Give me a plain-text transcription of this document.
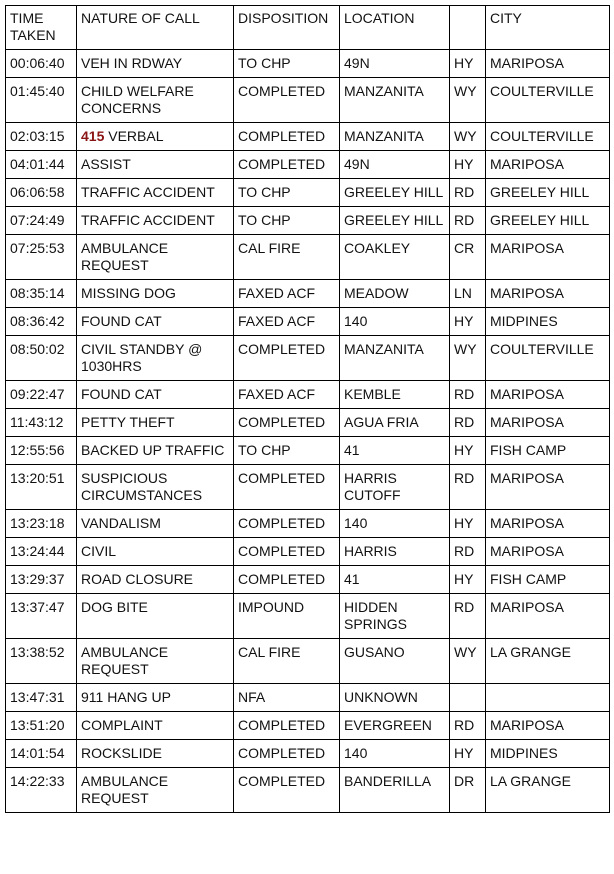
TIME TAKEN	NATURE OF CALL	DISPOSITION	LOCATION		CITY
00:06:40	VEH IN RDWAY	TO CHP	49N	HY	MARIPOSA
01:45:40	CHILD WELFARE CONCERNS	COMPLETED	MANZANITA	WY	COULTERVILLE
02:03:15	415 VERBAL	COMPLETED	MANZANITA	WY	COULTERVILLE
04:01:44	ASSIST	COMPLETED	49N	HY	MARIPOSA
06:06:58	TRAFFIC ACCIDENT	TO CHP	GREELEY HILL	RD	GREELEY HILL
07:24:49	TRAFFIC ACCIDENT	TO CHP	GREELEY HILL	RD	GREELEY HILL
07:25:53	AMBULANCE REQUEST	CAL FIRE	COAKLEY	CR	MARIPOSA
08:35:14	MISSING DOG	FAXED ACF	MEADOW	LN	MARIPOSA
08:36:42	FOUND CAT	FAXED ACF	140	HY	MIDPINES
08:50:02	CIVIL STANDBY @ 1030HRS	COMPLETED	MANZANITA	WY	COULTERVILLE
09:22:47	FOUND CAT	FAXED ACF	KEMBLE	RD	MARIPOSA
11:43:12	PETTY THEFT	COMPLETED	AGUA FRIA	RD	MARIPOSA
12:55:56	BACKED UP TRAFFIC	TO CHP	41	HY	FISH CAMP
13:20:51	SUSPICIOUS CIRCUMSTANCES	COMPLETED	HARRIS CUTOFF	RD	MARIPOSA
13:23:18	VANDALISM	COMPLETED	140	HY	MARIPOSA
13:24:44	CIVIL	COMPLETED	HARRIS	RD	MARIPOSA
13:29:37	ROAD CLOSURE	COMPLETED	41	HY	FISH CAMP
13:37:47	DOG BITE	IMPOUND	HIDDEN SPRINGS	RD	MARIPOSA
13:38:52	AMBULANCE REQUEST	CAL FIRE	GUSANO	WY	LA GRANGE
13:47:31	911 HANG UP	NFA	UNKNOWN		
13:51:20	COMPLAINT	COMPLETED	EVERGREEN	RD	MARIPOSA
14:01:54	ROCKSLIDE	COMPLETED	140	HY	MIDPINES
14:22:33	AMBULANCE REQUEST	COMPLETED	BANDERILLA	DR	LA GRANGE
